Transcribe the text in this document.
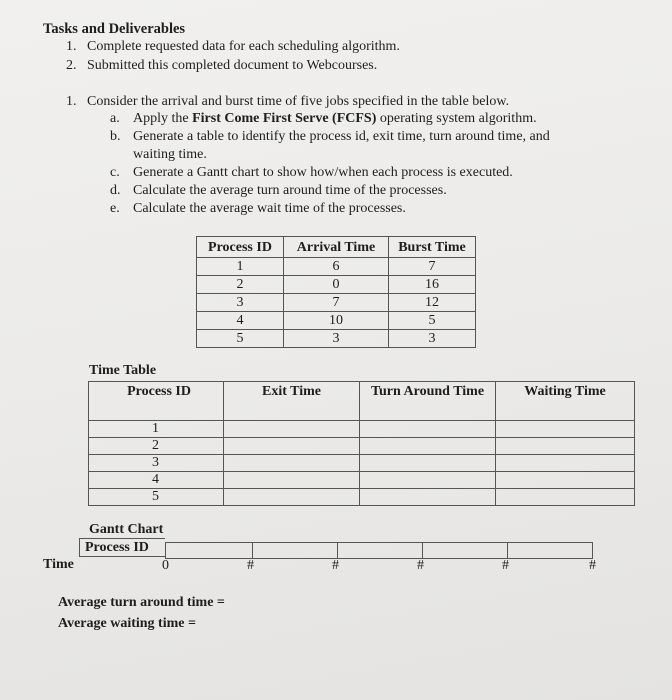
Tasks and Deliverables
1. Complete requested data for each scheduling algorithm.
2. Submitted this completed document to Webcourses.
1. Consider the arrival and burst time of five jobs specified in the table below.
a. Apply the First Come First Serve (FCFS) operating system algorithm.
b. Generate a table to identify the process id, exit time, turn around time, and
waiting time.
c. Generate a Gantt chart to show how/when each process is executed.
d. Calculate the average turn around time of the processes.
e. Calculate the average wait time of the processes.
Process ID	Arrival Time	Burst Time
1	6	7
2	0	16
3	7	12
4	10	5
5	3	3
Time Table
Process ID	Exit Time	Turn Around Time	Waiting Time
1			
2			
3			
4			
5			
Gantt Chart
Process ID
Time	0	#	#	#	#	#
Average turn around time =
Average waiting time =
